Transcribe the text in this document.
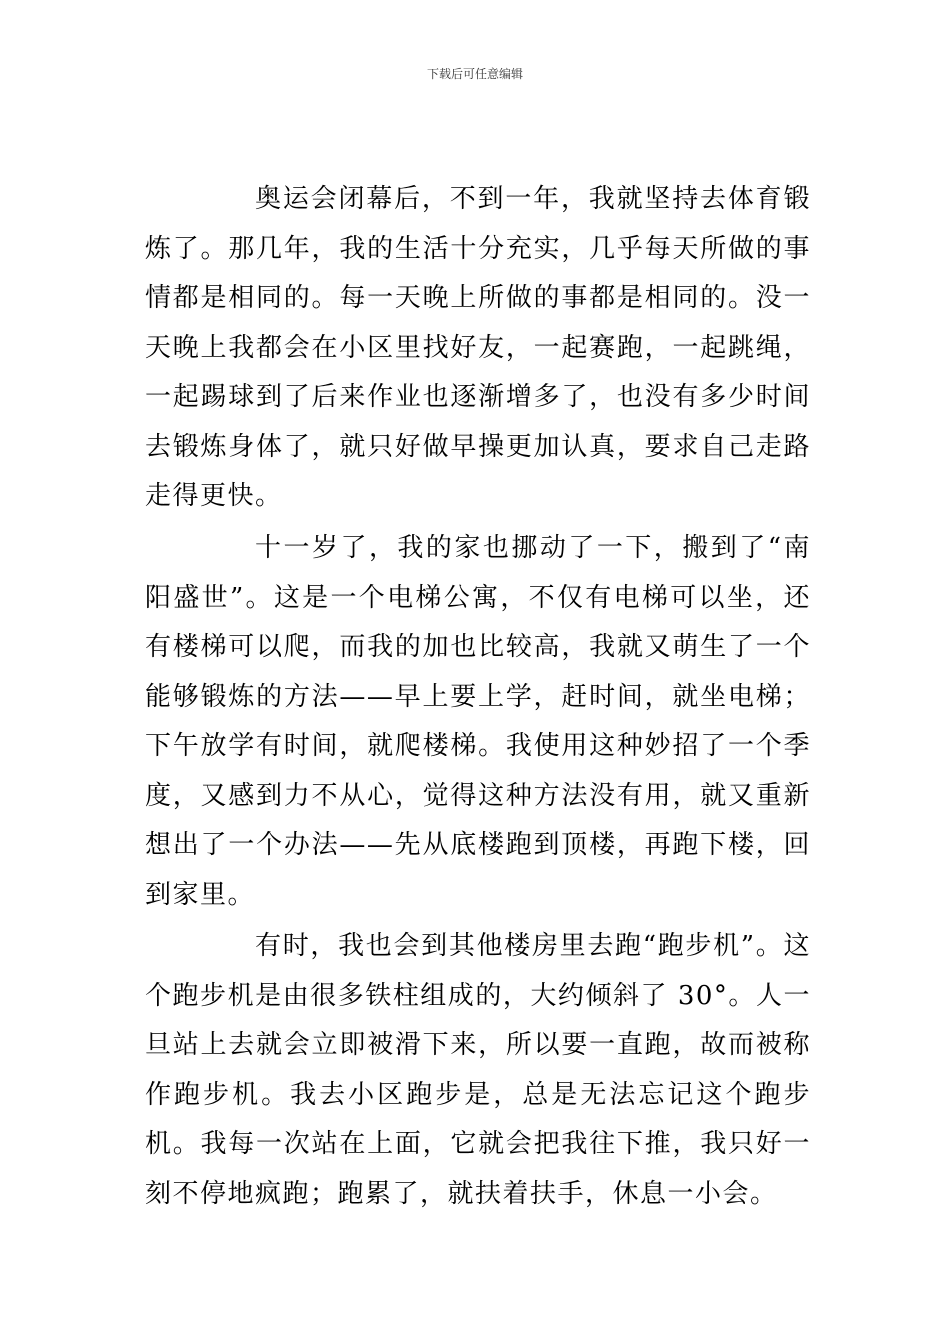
下载后可任意编辑

奥运会闭幕后，不到一年，我就坚持去体育锻炼了。那几年，我的生活十分充实，几乎每天所做的事情都是相同的。每一天晚上所做的事都是相同的。没一天晚上我都会在小区里找好友，一起赛跑，一起跳绳，一起踢球到了后来作业也逐渐增多了，也没有多少时间去锻炼身体了，就只好做早操更加认真，要求自己走路走得更快。

十一岁了，我的家也挪动了一下，搬到了“南阳盛世”。这是一个电梯公寓，不仅有电梯可以坐，还有楼梯可以爬，而我的加也比较高，我就又萌生了一个能够锻炼的方法——早上要上学，赶时间，就坐电梯；下午放学有时间，就爬楼梯。我使用这种妙招了一个季度，又感到力不从心，觉得这种方法没有用，就又重新想出了一个办法——先从底楼跑到顶楼，再跑下楼，回到家里。

有时，我也会到其他楼房里去跑“跑步机”。这个跑步机是由很多铁柱组成的，大约倾斜了 30°。人一旦站上去就会立即被滑下来，所以要一直跑，故而被称作跑步机。我去小区跑步是，总是无法忘记这个跑步机。我每一次站在上面，它就会把我往下推，我只好一刻不停地疯跑；跑累了，就扶着扶手，休息一小会。
